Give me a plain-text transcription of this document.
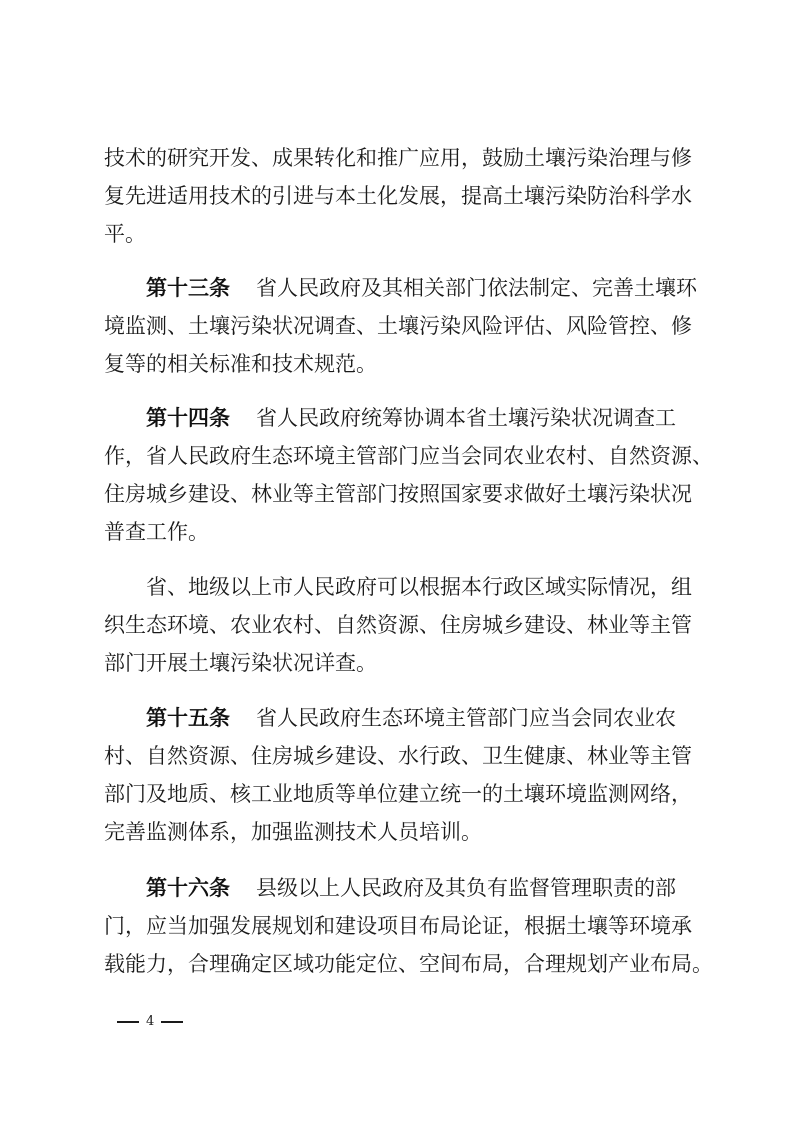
技术的研究开发、成果转化和推广应用，鼓励土壤污染治理与修
复先进适用技术的引进与本土化发展，提高土壤污染防治科学水
平。
第十三条 省人民政府及其相关部门依法制定、完善土壤环
境监测、土壤污染状况调查、土壤污染风险评估、风险管控、修
复等的相关标准和技术规范。
第十四条 省人民政府统筹协调本省土壤污染状况调查工
作，省人民政府生态环境主管部门应当会同农业农村、自然资源、
住房城乡建设、林业等主管部门按照国家要求做好土壤污染状况
普查工作。
省、地级以上市人民政府可以根据本行政区域实际情况，组
织生态环境、农业农村、自然资源、住房城乡建设、林业等主管
部门开展土壤污染状况详查。
第十五条 省人民政府生态环境主管部门应当会同农业农
村、自然资源、住房城乡建设、水行政、卫生健康、林业等主管
部门及地质、核工业地质等单位建立统一的土壤环境监测网络，
完善监测体系，加强监测技术人员培训。
第十六条 县级以上人民政府及其负有监督管理职责的部
门，应当加强发展规划和建设项目布局论证，根据土壤等环境承
载能力，合理确定区域功能定位、空间布局，合理规划产业布局。
4
